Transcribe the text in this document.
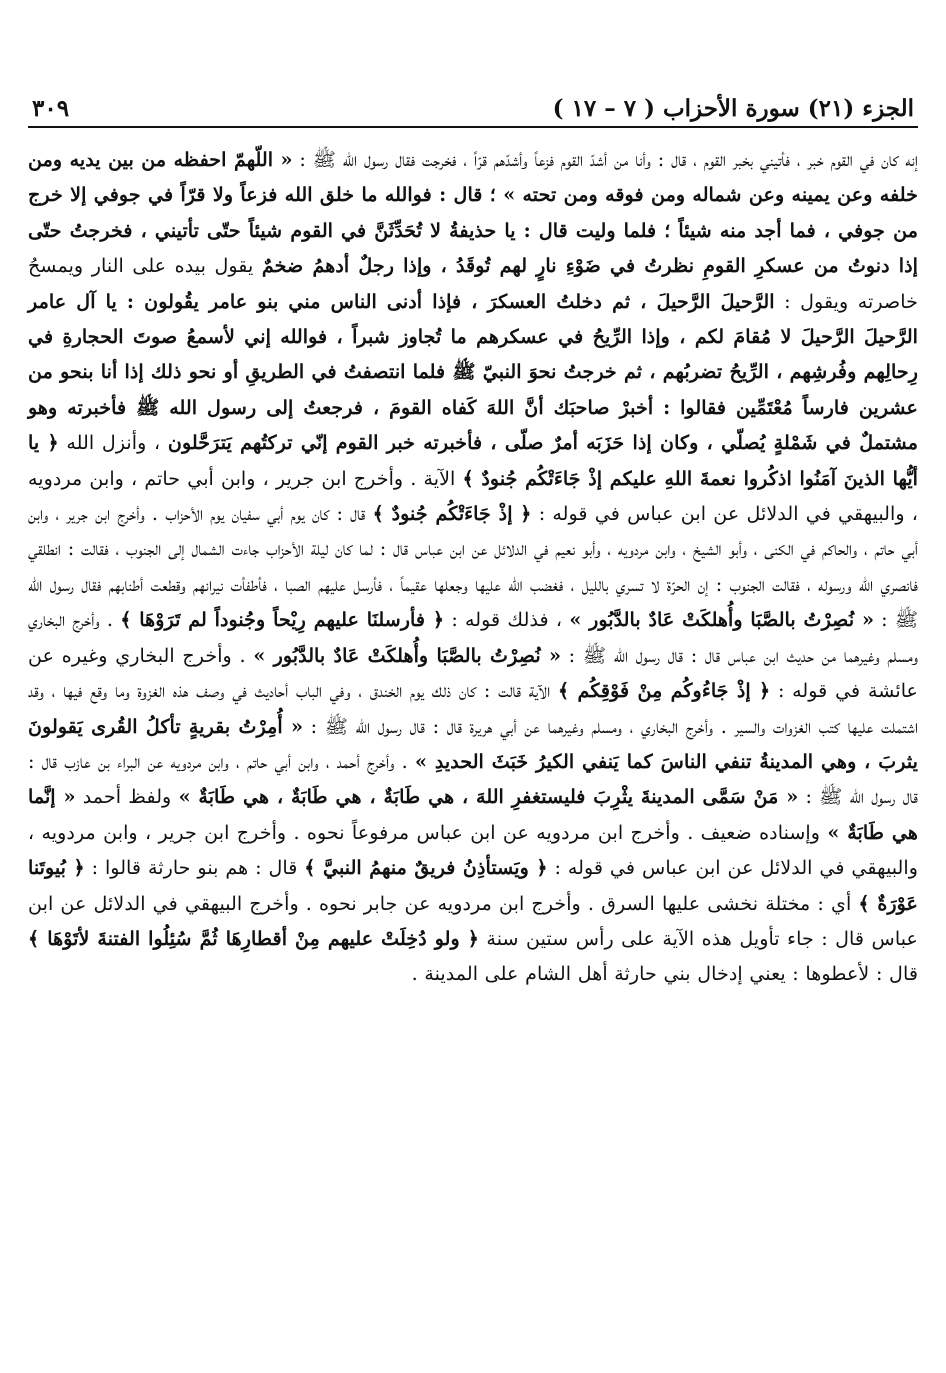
الجزء (٢١) سورة الأحزاب ( ٧ – ١٧ )
٣٠٩
إنه كان في القوم خبر ، فأتيني بخبر القوم ، قال : وأنا من أشدّ القوم فزعاً وأشدّهم قرّاً ، فخرجت فقال رسول الله ﷺ : « اللّهمّ احفظه من بين يديه ومن خلفه وعن يمينه وعن شماله ومن فوقه ومن تحته » ؛ قال : فوالله ما خلق الله فزعاً ولا قرّاً في جوفي إلا خرج من جوفي ، فما أجد منه شيئاً ؛ فلما وليت قال : يا حذيفةُ لا تُحَدِّثَنَّ في القوم شيئاً حتّى تأتيني ، فخرجتُ حتّى إذا دنوتُ من عسكرِ القومِ نظرتُ في ضَوْءِ نارٍ لهم تُوقَدُ ، وإذا رجلٌ أدهمُ ضخمٌ يقول بيده على النار ويمسحُ خاصرته ويقول : الرَّحيلَ الرَّحيلَ ، ثم دخلتُ العسكرَ ، فإذا أدنى الناس مني بنو عامر يقُولون : يا آل عامر الرَّحيلَ الرَّحيلَ لا مُقامَ لكم ، وإذا الرِّيحُ في عسكرهم ما تُجاوز شبراً ، فوالله إني لأسمعُ صوتَ الحجارةِ في رِحالِهم وفُرشِهم ، الرِّيحُ تضربُهم ، ثم خرجتُ نحوَ النبيّ ﷺ فلما انتصفتُ في الطريقِ أو نحو ذلك إذا أنا بنحو من عشرين فارساً مُعْتَمِّين فقالوا : أخبرْ صاحبَك أنَّ اللهَ كَفاه القومَ ، فرجعتُ إلى رسول الله ﷺ فأخبرته وهو مشتملٌ في شَمْلةٍ يُصلّي ، وكان إذا حَزَبَه أمرٌ صلّى ، فأخبرته خبر القوم إنّي تركتُهم يَترَحَّلون ، وأنزل الله ﴿ يا أيُّها الذينَ آمَنُوا اذكُروا نعمةَ اللهِ عليكم إذْ جَاءَتْكُم جُنودٌ ﴾ الآية . وأخرج ابن جرير ، وابن أبي حاتم ، وابن مردويه ، والبيهقي في الدلائل عن ابن عباس في قوله : ﴿ إذْ جَاءَتْكُم جُنودٌ ﴾ قال : كان يوم أبي سفيان يوم الأحزاب . وأخرج ابن جرير ، وابن أبي حاتم ، والحاكم في الكنى ، وأبو الشيخ ، وابن مردويه ، وأبو نعيم في الدلائل عن ابن عباس قال : لما كان ليلة الأحزاب جاءت الشمال إلى الجنوب ، فقالت : انطلقي فانصري الله ورسوله ، فقالت الجنوب : إن الحرّة لا تسري بالليل ، فغضب الله عليها وجعلها عقيماً ، فأرسل عليهم الصبا ، فأطفأت نيرانهم وقطعت أطنابهم فقال رسول الله ﷺ : « نُصِرْتُ بالصَّبَا وأُهلكَتْ عَادٌ بالدَّبُور » ، فذلك قوله : ﴿ فأرسلنَا عليهم رِيْحاً وجُنوداً لم تَرَوْهَا ﴾ . وأخرج البخاري ومسلم وغيرهما من حديث ابن عباس قال : قال رسول الله ﷺ : « نُصِرْتُ بالصَّبَا وأُهلكَتْ عَادٌ بالدَّبُور » . وأخرج البخاري وغيره عن عائشة في قوله : ﴿ إذْ جَاءُوكُم مِنْ فَوْقِكُم ﴾ الآية قالت : كان ذلك يوم الخندق ، وفي الباب أحاديث في وصف هذه الغزوة وما وقع فيها ، وقد اشتملت عليها كتب الغزوات والسير . وأخرج البخاري ، ومسلم وغيرهما عن أبي هريرة قال : قال رسول الله ﷺ : « أُمِرْتُ بقريةٍ تأكلُ القُرى يَقولونَ يثربَ ، وهي المدينةُ تنفي الناسَ كما يَنفي الكيرُ خَبَثَ الحديدِ » . وأخرج أحمد ، وابن أبي حاتم ، وابن مردويه عن البراء بن عازب قال : قال رسول الله ﷺ : « مَنْ سَمَّى المدينةَ يثْرِبَ فليستغفرِ اللهَ ، هي طَابَةٌ ، هي طَابَةٌ ، هي طَابَةٌ » ولفظ أحمد « إنَّما هي طَابَةٌ » وإسناده ضعيف . وأخرج ابن مردويه عن ابن عباس مرفوعاً نحوه . وأخرج ابن جرير ، وابن مردويه ، والبيهقي في الدلائل عن ابن عباس في قوله : ﴿ ويَستأذِنُ فريقٌ منهمُ النبيَّ ﴾ قال : هم بنو حارثة قالوا : ﴿ بُيوتَنا عَوْرَةٌ ﴾ أي : مختلة نخشى عليها السرق . وأخرج ابن مردويه عن جابر نحوه . وأخرج البيهقي في الدلائل عن ابن عباس قال : جاء تأويل هذه الآية على رأس ستين سنة ﴿ ولو دُخِلَتْ عليهم مِنْ أقطارِهَا ثُمَّ سُئِلُوا الفتنةَ لأتَوْهَا ﴾ قال : لأعطوها : يعني إدخال بني حارثة أهل الشام على المدينة .
